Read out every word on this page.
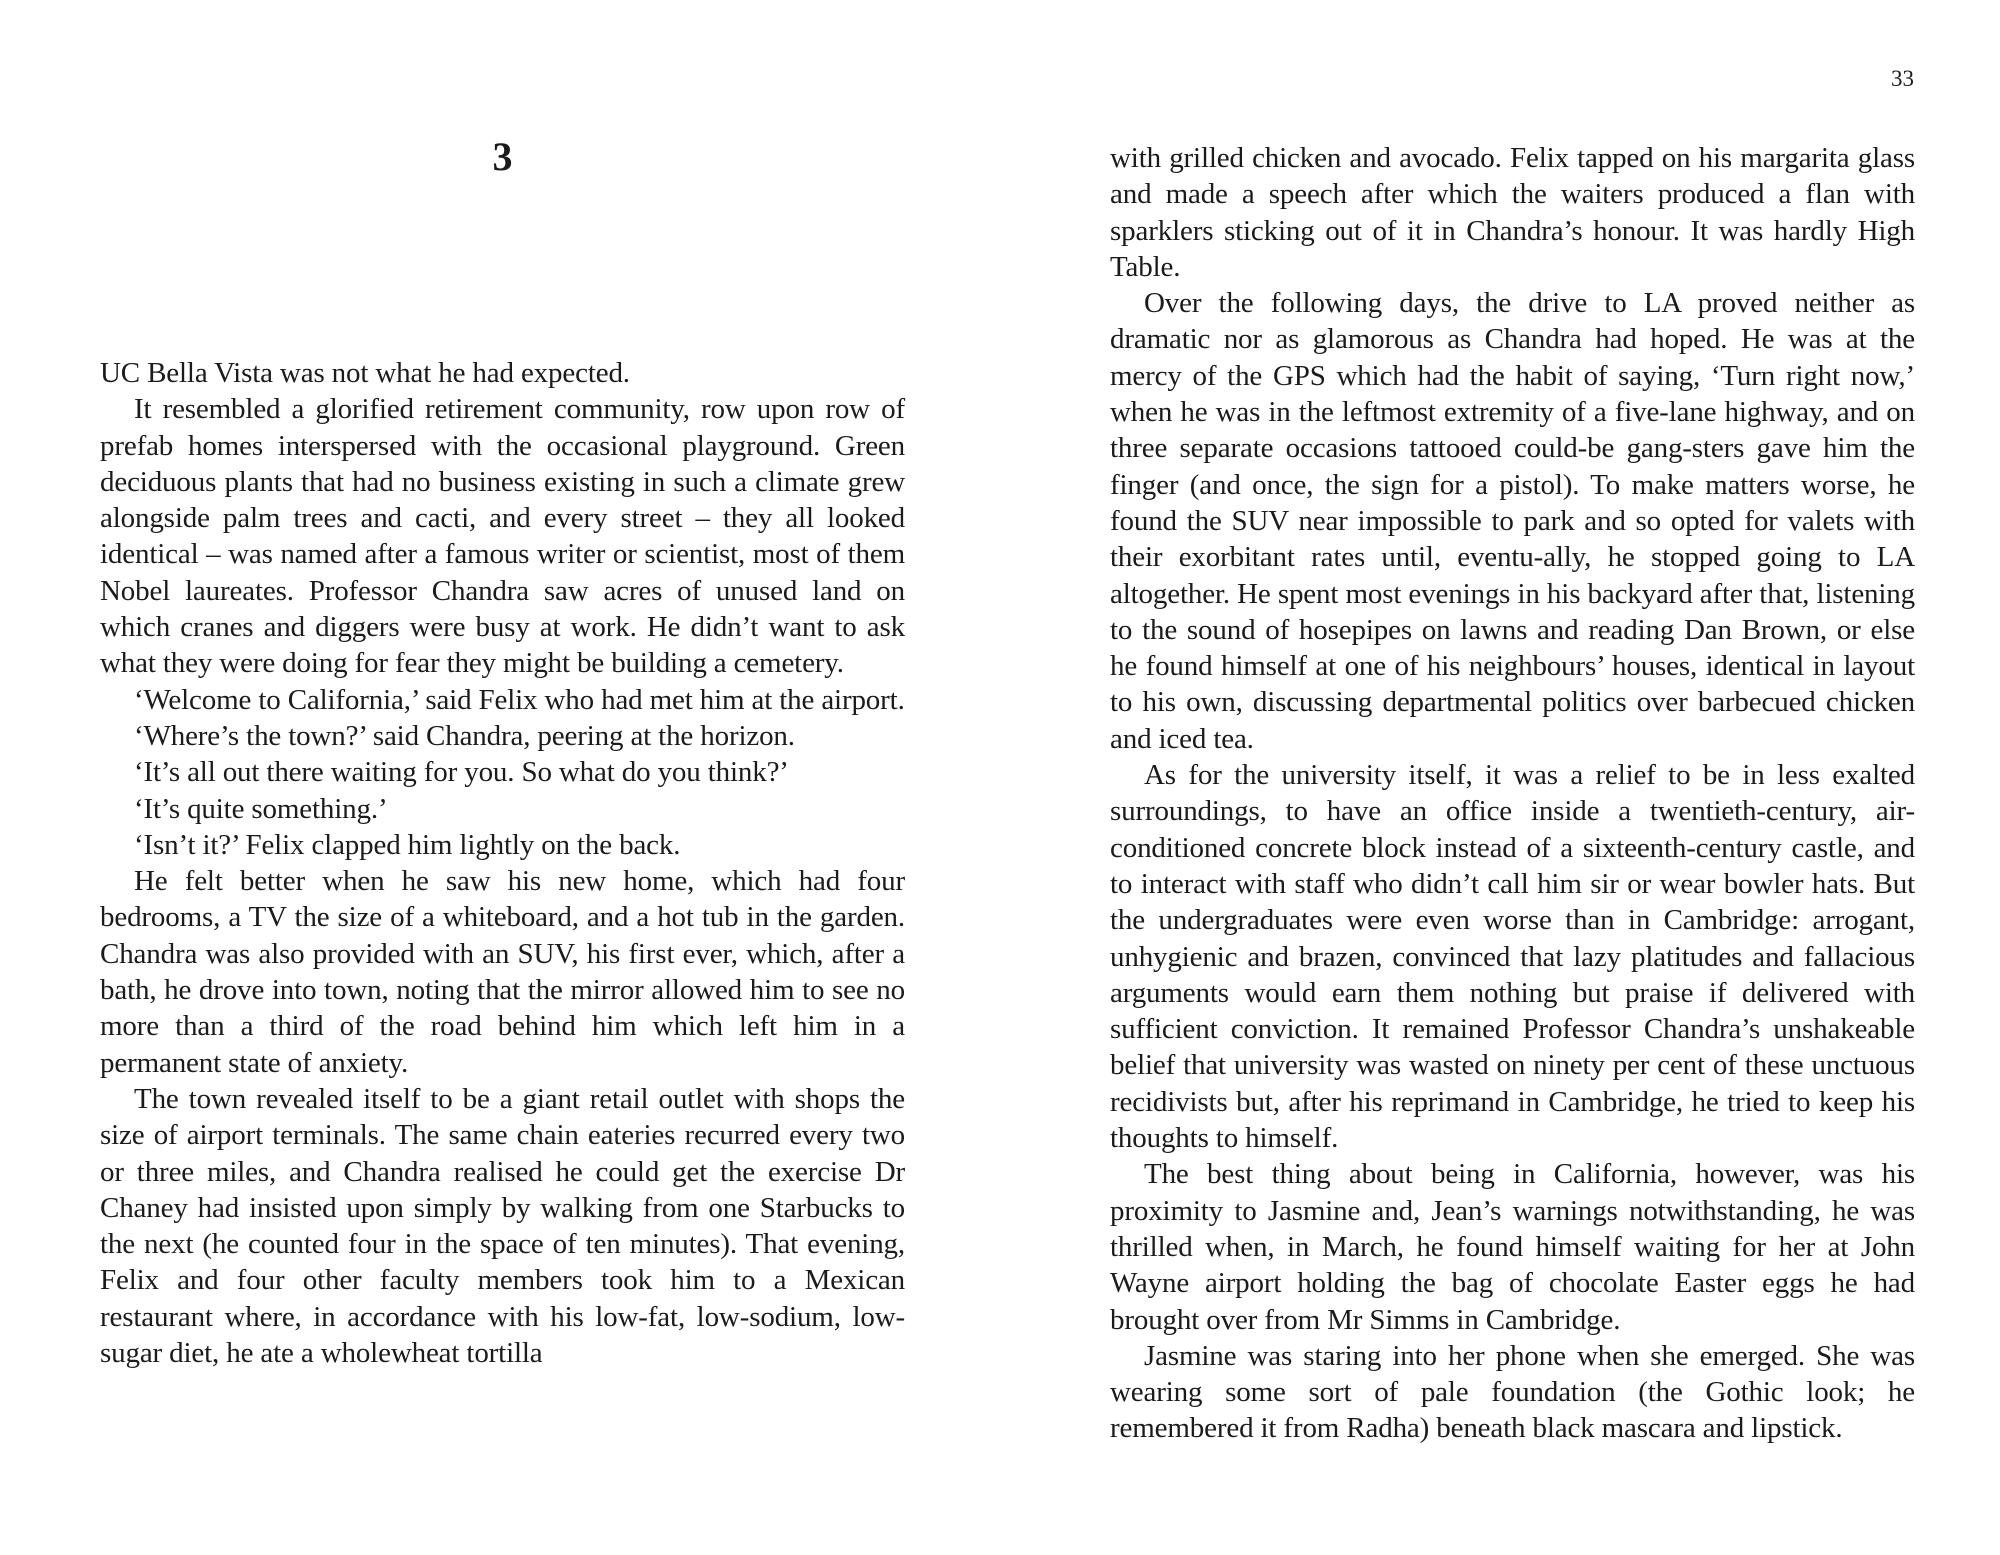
3

UC Bella Vista was not what he had expected.

It resembled a glorified retirement community, row upon row of prefab homes interspersed with the occasional playground. Green deciduous plants that had no business existing in such a climate grew alongside palm trees and cacti, and every street – they all looked identical – was named after a famous writer or scientist, most of them Nobel laureates. Professor Chandra saw acres of unused land on which cranes and diggers were busy at work. He didn’t want to ask what they were doing for fear they might be building a cemetery.

‘Welcome to California,’ said Felix who had met him at the airport.

‘Where’s the town?’ said Chandra, peering at the horizon.

‘It’s all out there waiting for you. So what do you think?’

‘It’s quite something.’

‘Isn’t it?’ Felix clapped him lightly on the back.

He felt better when he saw his new home, which had four bedrooms, a TV the size of a whiteboard, and a hot tub in the garden. Chandra was also provided with an SUV, his first ever, which, after a bath, he drove into town, noting that the mirror allowed him to see no more than a third of the road behind him which left him in a permanent state of anxiety.

The town revealed itself to be a giant retail outlet with shops the size of airport terminals. The same chain eateries recurred every two or three miles, and Chandra realised he could get the exercise Dr Chaney had insisted upon simply by walking from one Starbucks to the next (he counted four in the space of ten minutes). That evening, Felix and four other faculty members took him to a Mexican restaurant where, in accordance with his low-fat, low-sodium, low-sugar diet, he ate a wholewheat tortilla

33

with grilled chicken and avocado. Felix tapped on his margarita glass and made a speech after which the waiters produced a flan with sparklers sticking out of it in Chandra’s honour. It was hardly High Table.

Over the following days, the drive to LA proved neither as dramatic nor as glamorous as Chandra had hoped. He was at the mercy of the GPS which had the habit of saying, ‘Turn right now,’ when he was in the leftmost extremity of a five-lane highway, and on three separate occasions tattooed could-be gang-sters gave him the finger (and once, the sign for a pistol). To make matters worse, he found the SUV near impossible to park and so opted for valets with their exorbitant rates until, eventu-ally, he stopped going to LA altogether. He spent most evenings in his backyard after that, listening to the sound of hosepipes on lawns and reading Dan Brown, or else he found himself at one of his neighbours’ houses, identical in layout to his own, discussing departmental politics over barbecued chicken and iced tea.

As for the university itself, it was a relief to be in less exalted surroundings, to have an office inside a twentieth-century, air-conditioned concrete block instead of a sixteenth-century castle, and to interact with staff who didn’t call him sir or wear bowler hats. But the undergraduates were even worse than in Cambridge: arrogant, unhygienic and brazen, convinced that lazy platitudes and fallacious arguments would earn them nothing but praise if delivered with sufficient conviction. It remained Professor Chandra’s unshakeable belief that university was wasted on ninety per cent of these unctuous recidivists but, after his reprimand in Cambridge, he tried to keep his thoughts to himself.

The best thing about being in California, however, was his proximity to Jasmine and, Jean’s warnings notwithstanding, he was thrilled when, in March, he found himself waiting for her at John Wayne airport holding the bag of chocolate Easter eggs he had brought over from Mr Simms in Cambridge.

Jasmine was staring into her phone when she emerged. She was wearing some sort of pale foundation (the Gothic look; he remembered it from Radha) beneath black mascara and lipstick.
